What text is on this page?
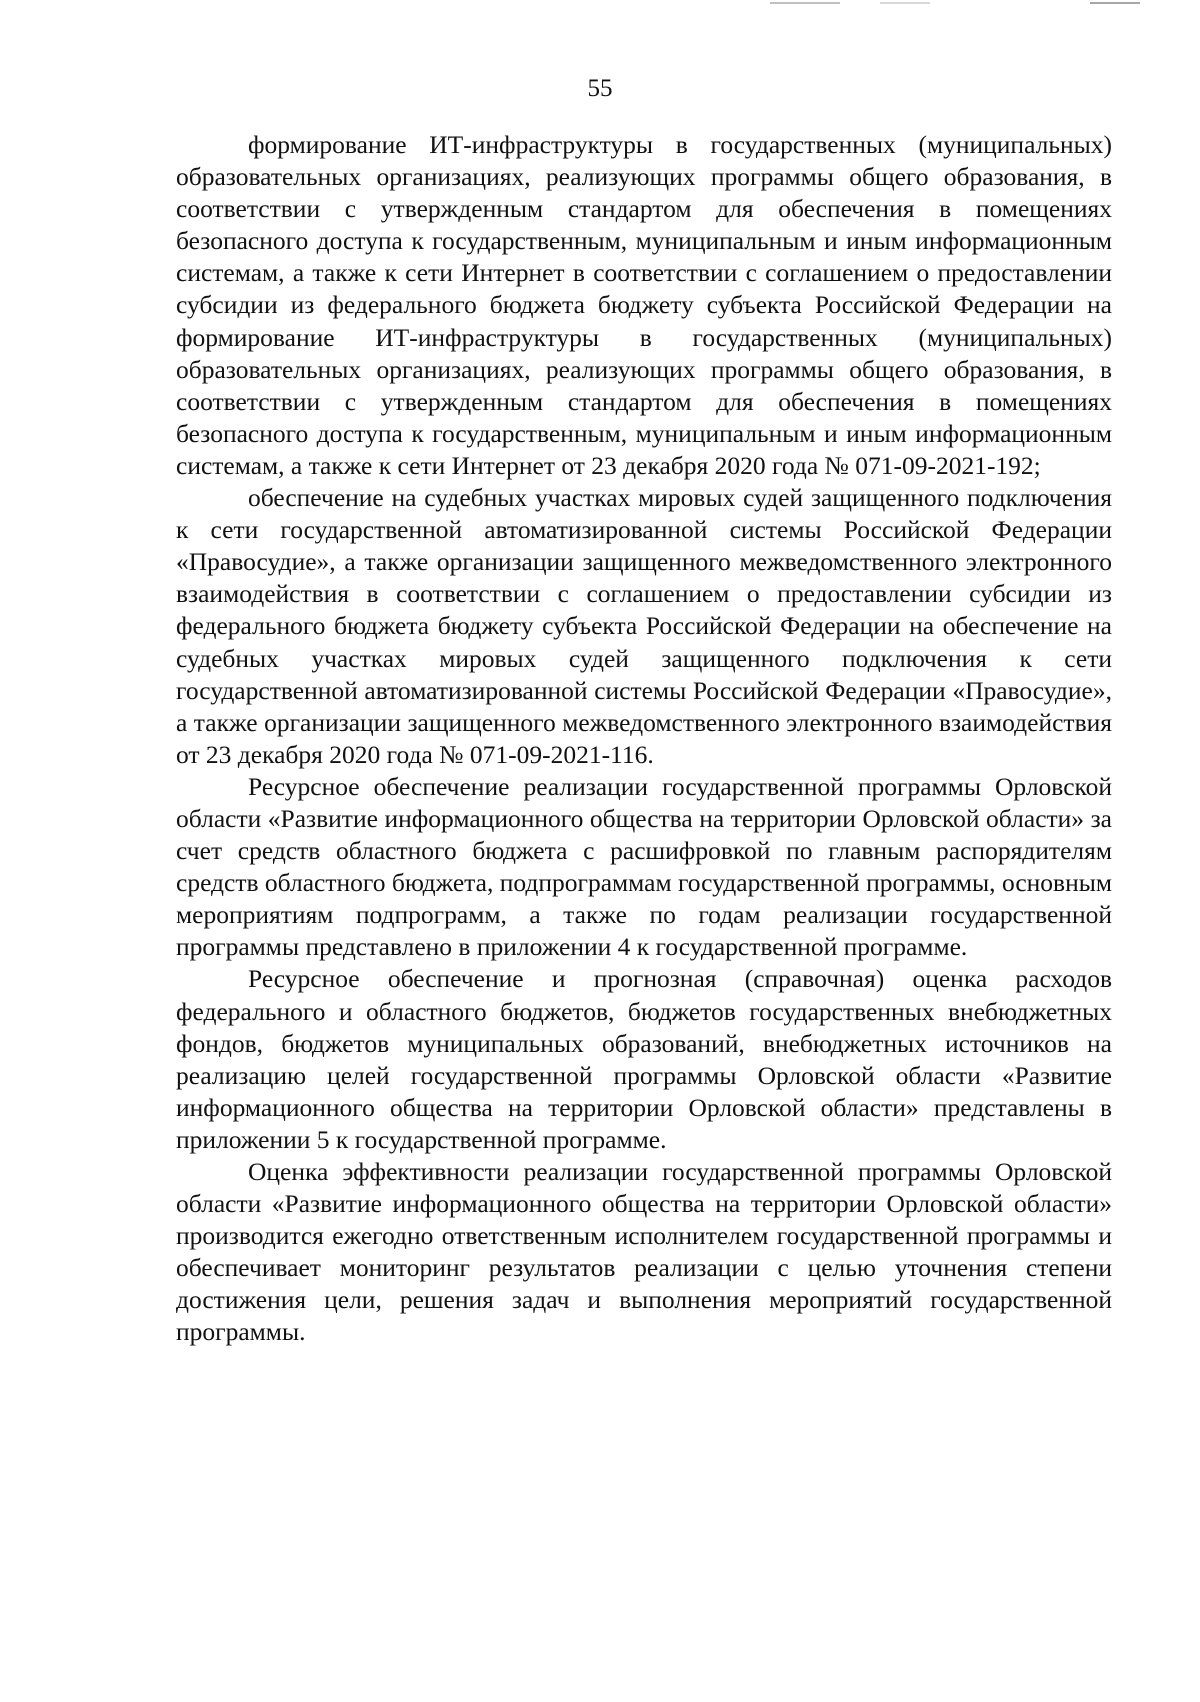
55

формирование ИТ-инфраструктуры в государственных (муниципальных) образовательных организациях, реализующих программы общего образования, в соответствии с утвержденным стандартом для обеспечения в помещениях безопасного доступа к государственным, муниципальным и иным информационным системам, а также к сети Интернет в соответствии с соглашением о предоставлении субсидии из федерального бюджета бюджету субъекта Российской Федерации на формирование ИТ-инфраструктуры в государственных (муниципальных) образовательных организациях, реализующих программы общего образования, в соответствии с утвержденным стандартом для обеспечения в помещениях безопасного доступа к государственным, муниципальным и иным информационным системам, а также к сети Интернет от 23 декабря 2020 года № 071-09-2021-192;

обеспечение на судебных участках мировых судей защищенного подключения к сети государственной автоматизированной системы Российской Федерации «Правосудие», а также организации защищенного межведомственного электронного взаимодействия в соответствии с соглашением о предоставлении субсидии из федерального бюджета бюджету субъекта Российской Федерации на обеспечение на судебных участках мировых судей защищенного подключения к сети государственной автоматизированной системы Российской Федерации «Правосудие», а также организации защищенного межведомственного электронного взаимодействия от 23 декабря 2020 года № 071-09-2021-116.

Ресурсное обеспечение реализации государственной программы Орловской области «Развитие информационного общества на территории Орловской области» за счет средств областного бюджета с расшифровкой по главным распорядителям средств областного бюджета, подпрограммам государственной программы, основным мероприятиям подпрограмм, а также по годам реализации государственной программы представлено в приложении 4 к государственной программе.

Ресурсное обеспечение и прогнозная (справочная) оценка расходов федерального и областного бюджетов, бюджетов государственных внебюджетных фондов, бюджетов муниципальных образований, внебюджетных источников на реализацию целей государственной программы Орловской области «Развитие информационного общества на территории Орловской области» представлены в приложении 5 к государственной программе.

Оценка эффективности реализации государственной программы Орловской области «Развитие информационного общества на территории Орловской области» производится ежегодно ответственным исполнителем государственной программы и обеспечивает мониторинг результатов реализации с целью уточнения степени достижения цели, решения задач и выполнения мероприятий государственной программы.
